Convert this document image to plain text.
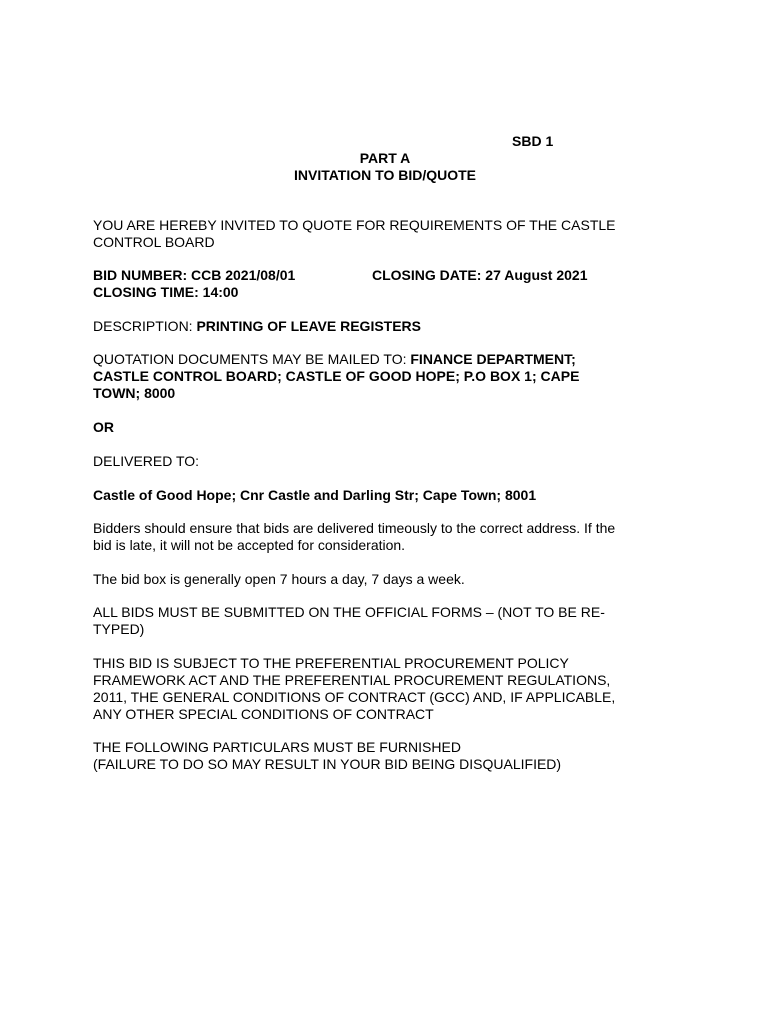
SBD 1
PART A
INVITATION TO BID/QUOTE
YOU ARE HEREBY INVITED TO QUOTE FOR REQUIREMENTS OF THE CASTLE
CONTROL BOARD
BID NUMBER: CCB 2021/08/01	CLOSING DATE: 27 August 2021
CLOSING TIME: 14:00
DESCRIPTION: PRINTING OF LEAVE REGISTERS
QUOTATION DOCUMENTS MAY BE MAILED TO: FINANCE DEPARTMENT;
CASTLE CONTROL BOARD; CASTLE OF GOOD HOPE; P.O BOX 1; CAPE
TOWN; 8000
OR
DELIVERED TO:
Castle of Good Hope; Cnr Castle and Darling Str; Cape Town; 8001
Bidders should ensure that bids are delivered timeously to the correct address. If the
bid is late, it will not be accepted for consideration.
The bid box is generally open 7 hours a day, 7 days a week.
ALL BIDS MUST BE SUBMITTED ON THE OFFICIAL FORMS – (NOT TO BE RE-
TYPED)
THIS BID IS SUBJECT TO THE PREFERENTIAL PROCUREMENT POLICY
FRAMEWORK ACT AND THE PREFERENTIAL PROCUREMENT REGULATIONS,
2011, THE GENERAL CONDITIONS OF CONTRACT (GCC) AND, IF APPLICABLE,
ANY OTHER SPECIAL CONDITIONS OF CONTRACT
THE FOLLOWING PARTICULARS MUST BE FURNISHED
(FAILURE TO DO SO MAY RESULT IN YOUR BID BEING DISQUALIFIED)
